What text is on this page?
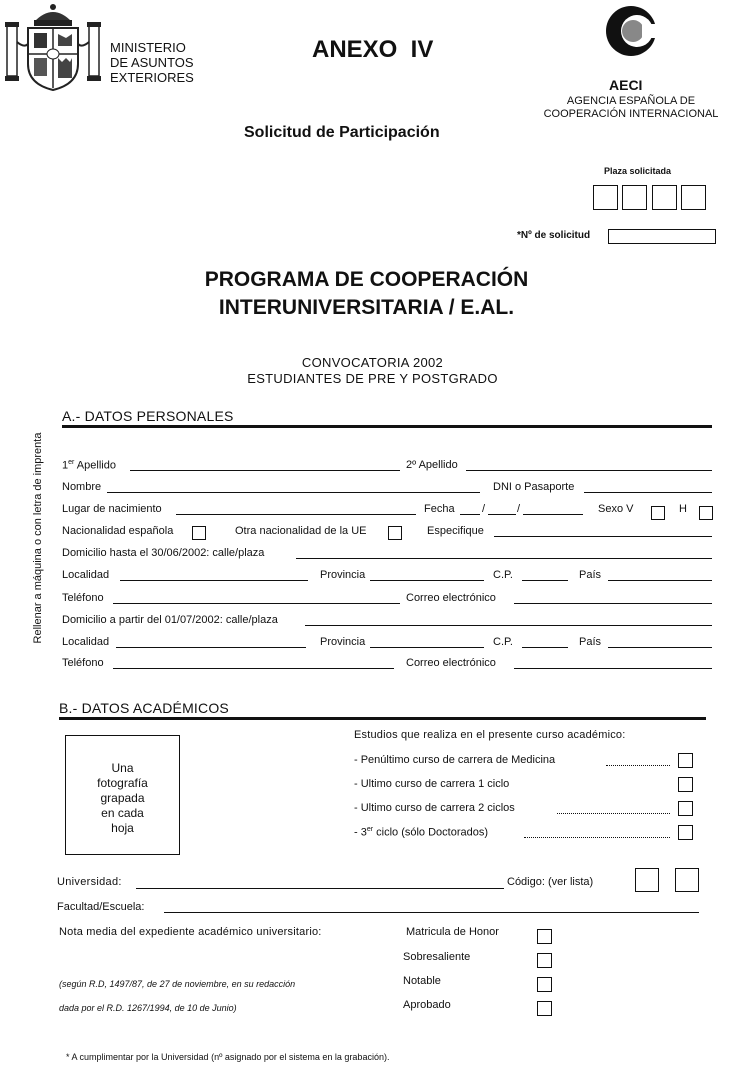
MINISTERIO
DE ASUNTOS
EXTERIORES
ANEXO  IV
AECI
AGENCIA ESPAÑOLA DE
COOPERACIÓN INTERNACIONAL
Solicitud de Participación
Plaza solicitada
*Nº de solicitud
PROGRAMA DE COOPERACIÓN
INTERUNIVERSITARIA / E.AL.
CONVOCATORIA 2002
ESTUDIANTES DE PRE Y POSTGRADO
Rellenar a máquina o con letra de imprenta
A.- DATOS PERSONALES
1er Apellido	2º Apellido
Nombre	DNI o Pasaporte
Lugar de nacimiento	Fecha /	/	Sexo V	H
Nacionalidad española	Otra nacionalidad de la UE	Especifique
Domicilio hasta el 30/06/2002: calle/plaza
Localidad	Provincia	C.P.	País
Teléfono	Correo electrónico
Domicilio a partir del 01/07/2002: calle/plaza
Localidad	Provincia	C.P.	País
Teléfono	Correo electrónico
B.- DATOS ACADÉMICOS
Una
fotografía
grapada
en cada
hoja
Estudios que realiza en el presente curso académico:
- Penúltimo curso de carrera de Medicina
- Ultimo curso de carrera 1 ciclo
- Ultimo curso de carrera 2 ciclos
- 3er ciclo (sólo Doctorados)
Universidad:	Código: (ver lista)
Facultad/Escuela:
Nota media del expediente académico universitario:	Matricula de Honor
Sobresaliente
(según R.D, 1497/87, de 27 de noviembre, en su redacción	Notable
dada por el R.D. 1267/1994, de 10 de Junio)	Aprobado
* A cumplimentar por la Universidad (nº asignado por el sistema en la grabación).
